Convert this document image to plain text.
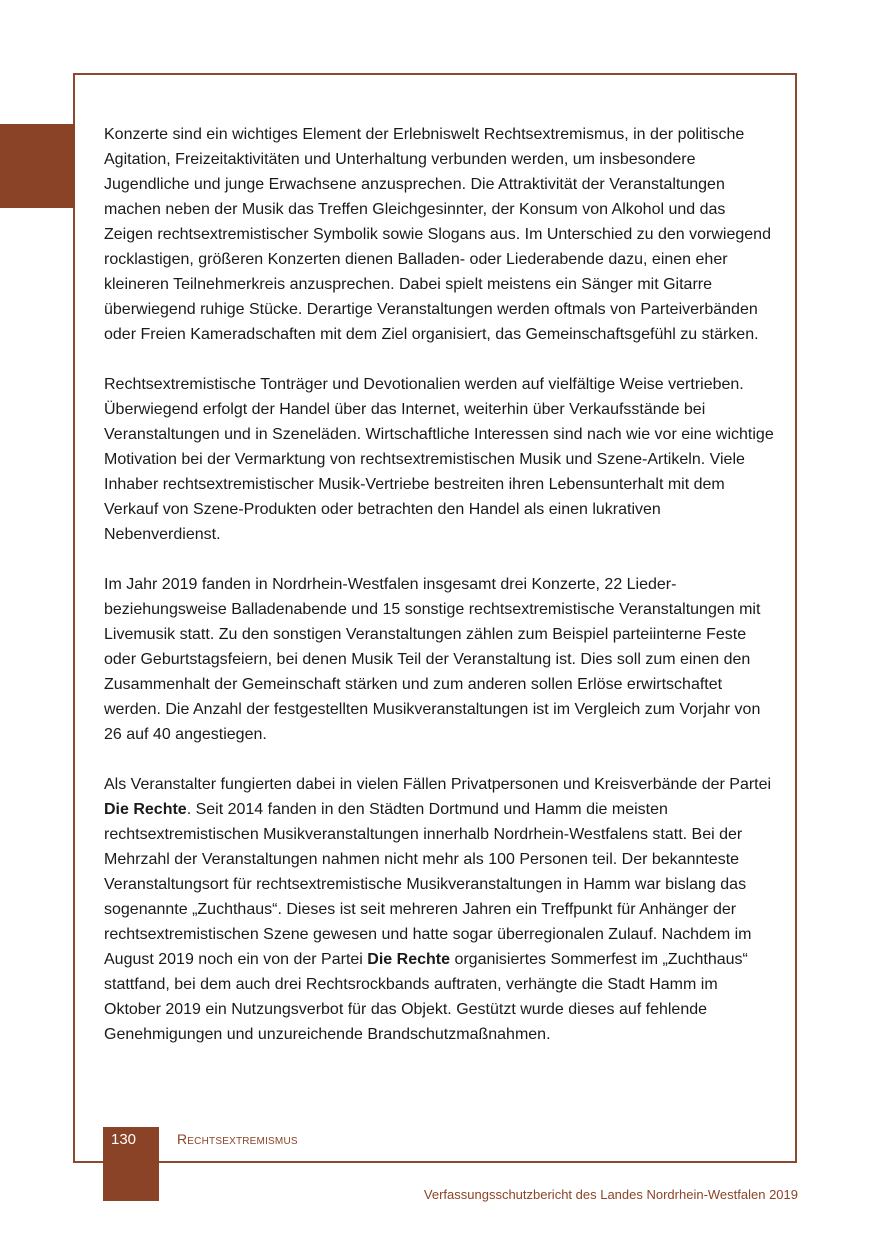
Konzerte sind ein wichtiges Element der Erlebniswelt Rechtsextremismus, in der politische Agitation, Freizeitaktivitäten und Unterhaltung verbunden werden, um insbesondere Jugendliche und junge Erwachsene anzusprechen. Die Attraktivität der Veranstaltungen machen neben der Musik das Treffen Gleichgesinnter, der Konsum von Alkohol und das Zeigen rechtsextremistischer Symbolik sowie Slogans aus. Im Unterschied zu den vorwiegend rocklastigen, größeren Konzerten dienen Balladen- oder Liederabende dazu, einen eher kleineren Teilnehmerkreis anzusprechen. Dabei spielt meistens ein Sänger mit Gitarre überwiegend ruhige Stücke. Derartige Veranstaltungen werden oftmals von Parteiverbänden oder Freien Kameradschaften mit dem Ziel organisiert, das Gemeinschaftsgefühl zu stärken.

Rechtsextremistische Tonträger und Devotionalien werden auf vielfältige Weise vertrieben. Überwiegend erfolgt der Handel über das Internet, weiterhin über Verkaufsstände bei Veranstaltungen und in Szeneläden. Wirtschaftliche Interessen sind nach wie vor eine wichtige Motivation bei der Vermarktung von rechtsextremistischen Musik und Szene-Artikeln. Viele Inhaber rechtsextremistischer Musik-Vertriebe bestreiten ihren Lebensunterhalt mit dem Verkauf von Szene-Produkten oder betrachten den Handel als einen lukrativen Nebenverdienst.

Im Jahr 2019 fanden in Nordrhein-Westfalen insgesamt drei Konzerte, 22 Lieder- beziehungsweise Balladenabende und 15 sonstige rechtsextremistische Veranstaltungen mit Livemusik statt. Zu den sonstigen Veranstaltungen zählen zum Beispiel parteiinterne Feste oder Geburtstagsfeiern, bei denen Musik Teil der Veranstaltung ist. Dies soll zum einen den Zusammenhalt der Gemeinschaft stärken und zum anderen sollen Erlöse erwirtschaftet werden. Die Anzahl der festgestellten Musikveranstaltungen ist im Vergleich zum Vorjahr von 26 auf 40 angestiegen.

Als Veranstalter fungierten dabei in vielen Fällen Privatpersonen und Kreisverbände der Partei Die Rechte. Seit 2014 fanden in den Städten Dortmund und Hamm die meisten rechtsextremistischen Musikveranstaltungen innerhalb Nordrhein-Westfalens statt. Bei der Mehrzahl der Veranstaltungen nahmen nicht mehr als 100 Personen teil. Der bekannteste Veranstaltungsort für rechtsextremistische Musikveranstaltungen in Hamm war bislang das sogenannte „Zuchthaus“. Dieses ist seit mehreren Jahren ein Treffpunkt für Anhänger der rechtsextremistischen Szene gewesen und hatte sogar überregionalen Zulauf. Nachdem im August 2019 noch ein von der Partei Die Rechte organisiertes Sommerfest im „Zuchthaus“ stattfand, bei dem auch drei Rechtsrockbands auftraten, verhängte die Stadt Hamm im Oktober 2019 ein Nutzungsverbot für das Objekt. Gestützt wurde dieses auf fehlende Genehmigungen und unzureichende Brandschutzmaßnahmen.

130	Rechtsextremismus
Verfassungsschutzbericht des Landes Nordrhein-Westfalen 2019
